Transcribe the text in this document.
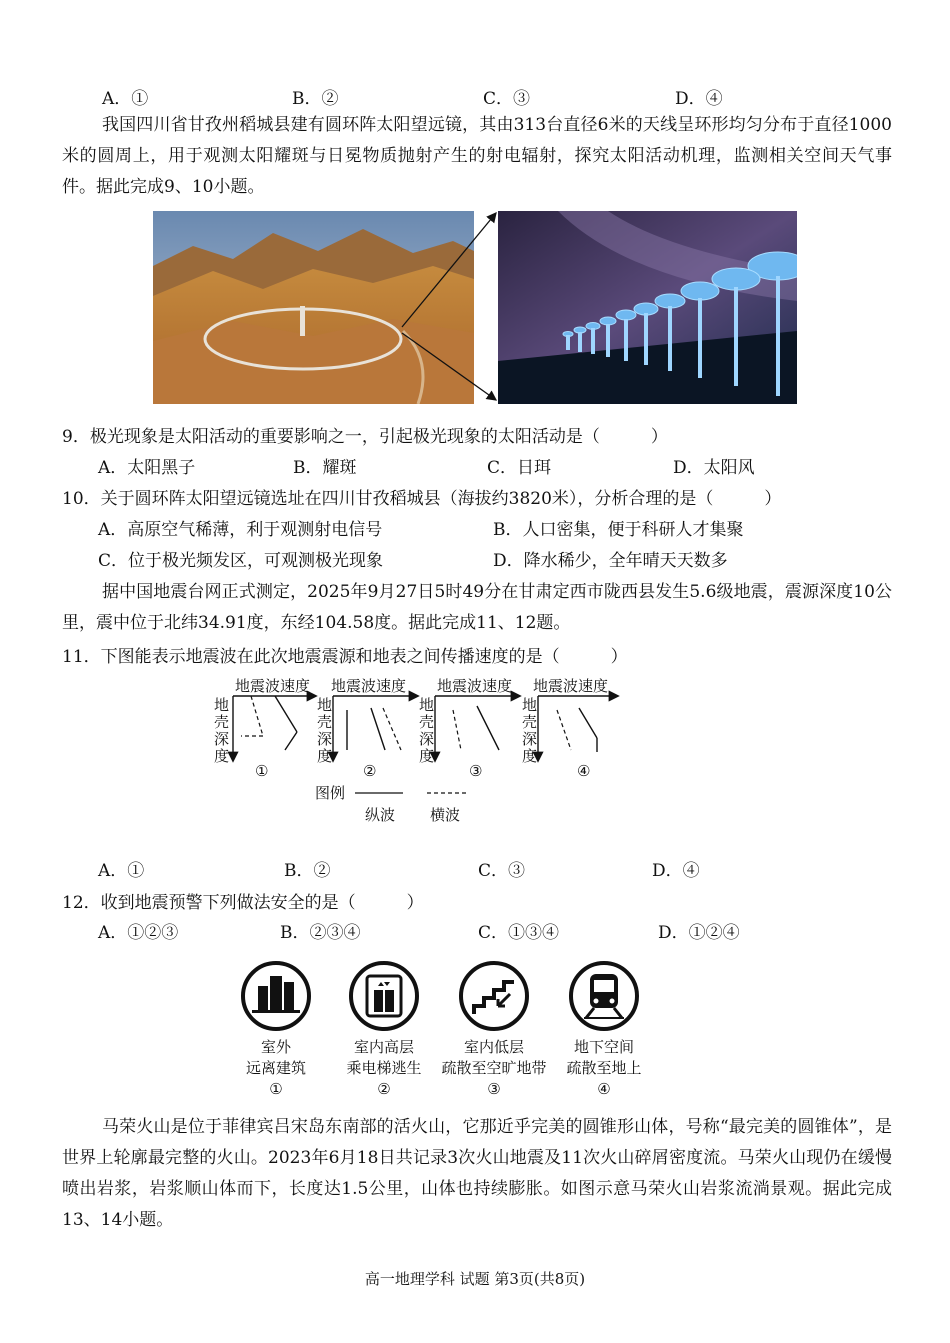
A．①	B．②	C．③	D．④
我国四川省甘孜州稻城县建有圆环阵太阳望远镜，其由313台直径6米的天线呈环形均匀分布于直径1000米的圆周上，用于观测太阳耀斑与日冕物质抛射产生的射电辐射，探究太阳活动机理，监测相关空间天气事件。据此完成9、10小题。
9．极光现象是太阳活动的重要影响之一，引起极光现象的太阳活动是（　　　）
A．太阳黑子	B．耀斑	C．日珥	D．太阳风
10．关于圆环阵太阳望远镜选址在四川甘孜稻城县（海拔约3820米），分析合理的是（　　　）
A．高原空气稀薄，利于观测射电信号	B．人口密集，便于科研人才集聚
C．位于极光频发区，可观测极光现象	D．降水稀少，全年晴天天数多
据中国地震台网正式测定，2025年9月27日5时49分在甘肃定西市陇西县发生5.6级地震，震源深度10公里，震中位于北纬34.91度，东经104.58度。据此完成11、12题。
11．下图能表示地震波在此次地震震源和地表之间传播速度的是（　　　）
地震波速度
地
壳
深
度
①
地震波速度
地
壳
深
度
②
地震波速度
地
壳
深
度
③
地震波速度
地
壳
深
度
④
图例
纵波 横波
A．①	B．②	C．③	D．④
12．收到地震预警下列做法安全的是（　　　）
A．①②③	B．②③④	C．①③④	D．①②④
室外
远离建筑
①
室内高层
乘电梯逃生
②
室内低层
疏散至空旷地带
③
地下空间
疏散至地上
④
马荣火山是位于菲律宾吕宋岛东南部的活火山，它那近乎完美的圆锥形山体，号称“最完美的圆锥体”，是世界上轮廓最完整的火山。2023年6月18日共记录3次火山地震及11次火山碎屑密度流。马荣火山现仍在缓慢喷出岩浆，岩浆顺山体而下，长度达1.5公里，山体也持续膨胀。如图示意马荣火山岩浆流淌景观。据此完成13、14小题。
高一地理学科 试题 第3页(共8页)
